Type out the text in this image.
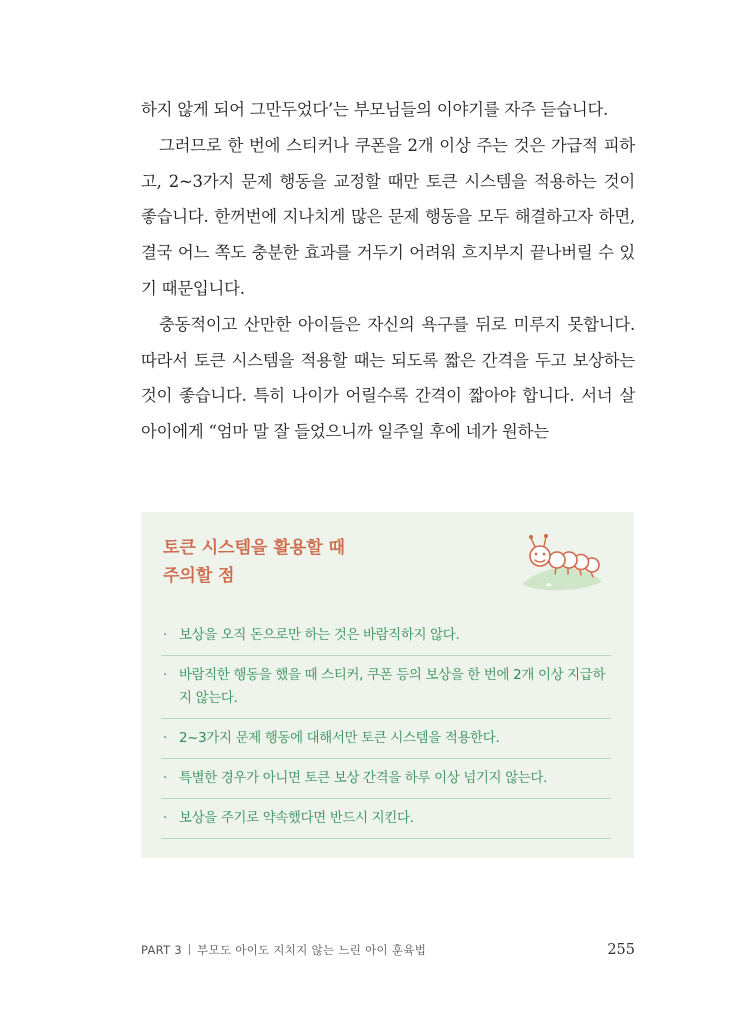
하지 않게 되어 그만두었다’는 부모님들의 이야기를 자주 듣습니다.

그러므로 한 번에 스티커나 쿠폰을 2개 이상 주는 것은 가급적 피하고, 2~3가지 문제 행동을 교정할 때만 토큰 시스템을 적용하는 것이 좋습니다. 한꺼번에 지나치게 많은 문제 행동을 모두 해결하고자 하면, 결국 어느 쪽도 충분한 효과를 거두기 어려워 흐지부지 끝나버릴 수 있기 때문입니다.

충동적이고 산만한 아이들은 자신의 욕구를 뒤로 미루지 못합니다. 따라서 토큰 시스템을 적용할 때는 되도록 짧은 간격을 두고 보상하는 것이 좋습니다. 특히 나이가 어릴수록 간격이 짧아야 합니다. 서너 살 아이에게 “엄마 말 잘 들었으니까 일주일 후에 네가 원하는

토큰 시스템을 활용할 때
주의할 점
· 보상을 오직 돈으로만 하는 것은 바람직하지 않다.
· 바람직한 행동을 했을 때 스티커, 쿠폰 등의 보상을 한 번에 2개 이상 지급하지 않는다.
· 2~3가지 문제 행동에 대해서만 토큰 시스템을 적용한다.
· 특별한 경우가 아니면 토큰 보상 간격을 하루 이상 넘기지 않는다.
· 보상을 주기로 약속했다면 반드시 지킨다.
PART 3 부모도 아이도 지치지 않는 느린 아이 훈육법	255
